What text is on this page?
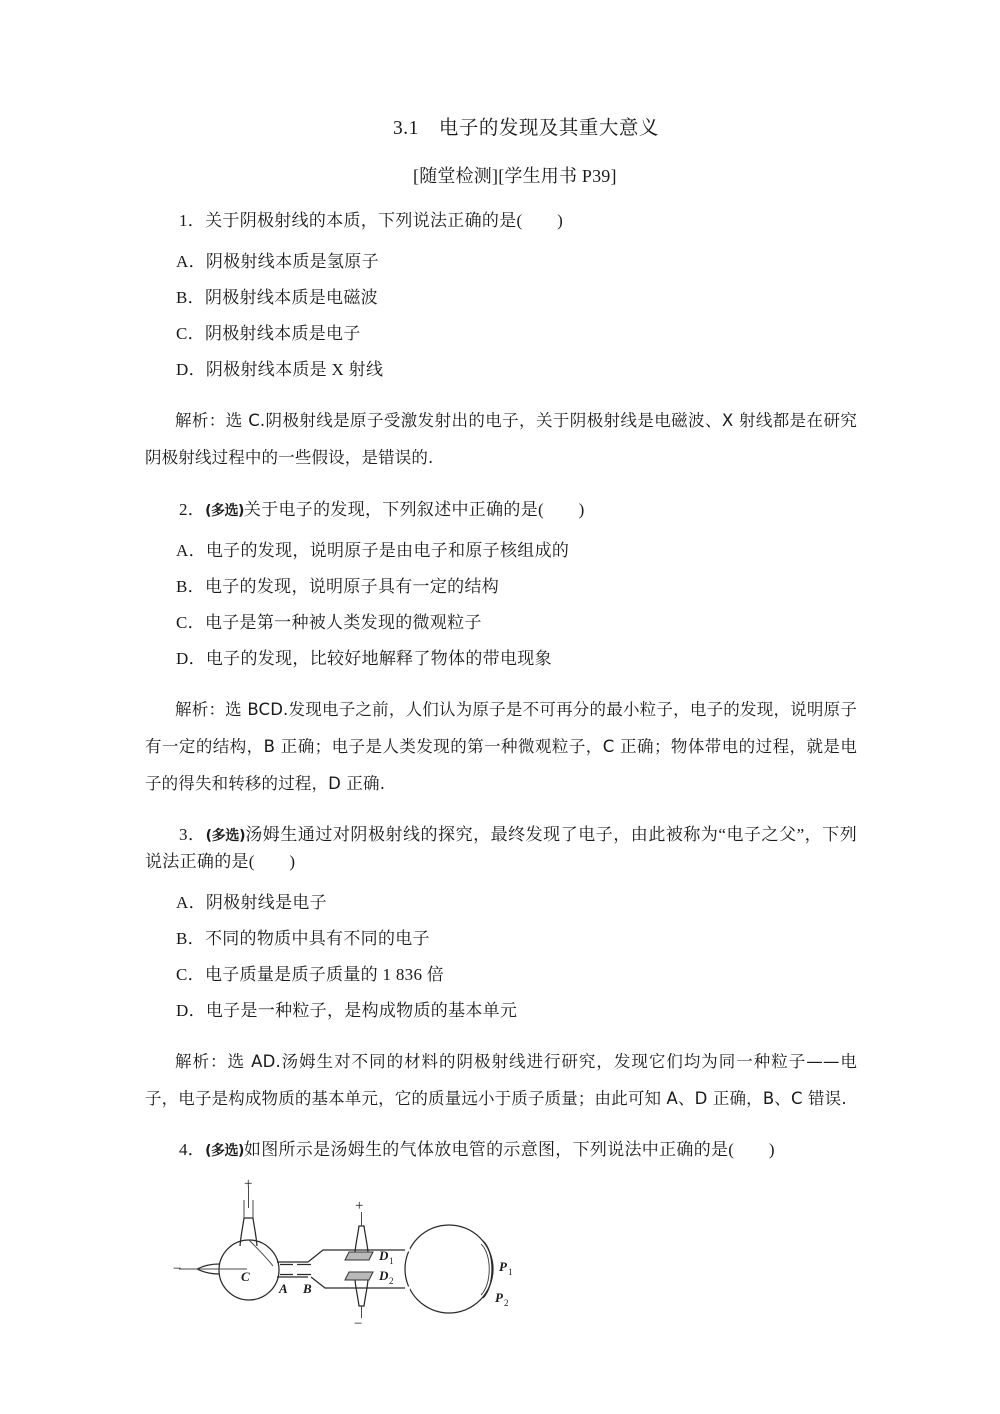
3.1 电子的发现及其重大意义
[随堂检测][学生用书 P39]
1．关于阴极射线的本质，下列说法正确的是(  )
A．阴极射线本质是氢原子
B．阴极射线本质是电磁波
C．阴极射线本质是电子
D．阴极射线本质是 X 射线
解析：选 C.阴极射线是原子受激发射出的电子，关于阴极射线是电磁波、X 射线都是在研究阴极射线过程中的一些假设，是错误的.
2．(多选)关于电子的发现，下列叙述中正确的是(  )
A．电子的发现，说明原子是由电子和原子核组成的
B．电子的发现，说明原子具有一定的结构
C．电子是第一种被人类发现的微观粒子
D．电子的发现，比较好地解释了物体的带电现象
解析：选 BCD.发现电子之前，人们认为原子是不可再分的最小粒子，电子的发现，说明原子有一定的结构，B 正确；电子是人类发现的第一种微观粒子，C 正确；物体带电的过程，就是电子的得失和转移的过程，D 正确.
3．(多选)汤姆生通过对阴极射线的探究，最终发现了电子，由此被称为“电子之父”，下列说法正确的是(  )
A．阴极射线是电子
B．不同的物质中具有不同的电子
C．电子质量是质子质量的 1 836 倍
D．电子是一种粒子，是构成物质的基本单元
解析：选 AD.汤姆生对不同的材料的阴极射线进行研究，发现它们均为同一种粒子——电子，电子是构成物质的基本单元，它的质量远小于质子质量；由此可知 A、D 正确，B、C 错误.
4．(多选)如图所示是汤姆生的气体放电管的示意图，下列说法中正确的是(  )
+
−	C
A B
+
−
D 1
D 2
P 1
P 2
